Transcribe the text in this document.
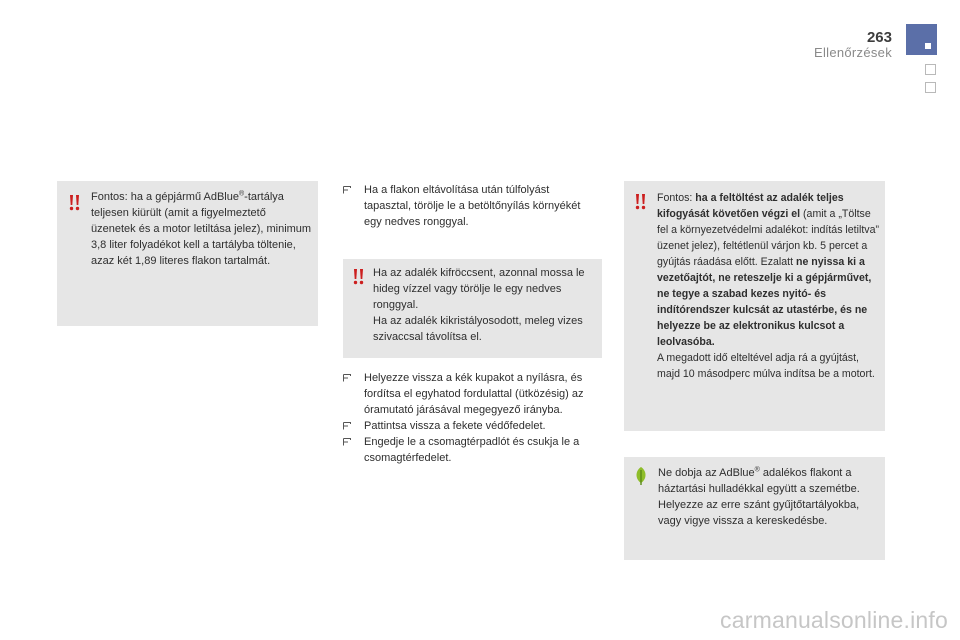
263
Ellenőrzések
Fontos: ha a gépjármű AdBlue®-tartálya teljesen kiürült (amit a figyelmeztető üzenetek és a motor letiltása jelez), minimum 3,8 liter folyadékot kell a tartályba töltenie, azaz két 1,89 literes flakon tartalmát.
Ha a flakon eltávolítása után túlfolyást tapasztal, törölje le a betöltőnyílás környékét egy nedves ronggyal.
Ha az adalék kifröccsent, azonnal mossa le hideg vízzel vagy törölje le egy nedves ronggyal.
Ha az adalék kikristályosodott, meleg vizes szivaccsal távolítsa el.
Helyezze vissza a kék kupakot a nyílásra, és fordítsa el egyhatod fordulattal (ütközésig) az óramutató járásával megegyező irányba.
Pattintsa vissza a fekete védőfedelet.
Engedje le a csomagtérpadlót és csukja le a csomagtérfedelet.
Fontos: ha a feltöltést az adalék teljes kifogyását követően végzi el (amit a „Töltse fel a környezetvédelmi adalékot: indítás letiltva” üzenet jelez), feltétlenül várjon kb. 5 percet a gyújtás ráadása előtt. Ezalatt ne nyissa ki a vezetőajtót, ne reteszelje ki a gépjárművet, ne tegye a szabad kezes nyitó- és indítórendszer kulcsát az utastérbe, és ne helyezze be az elektronikus kulcsot a leolvasóba.
A megadott idő elteltével adja rá a gyújtást, majd 10 másodperc múlva indítsa be a motort.
Ne dobja az AdBlue® adalékos flakont a háztartási hulladékkal együtt a szemétbe. Helyezze az erre szánt gyűjtőtartályokba, vagy vigye vissza a kereskedésbe.
carmanualsonline.info
